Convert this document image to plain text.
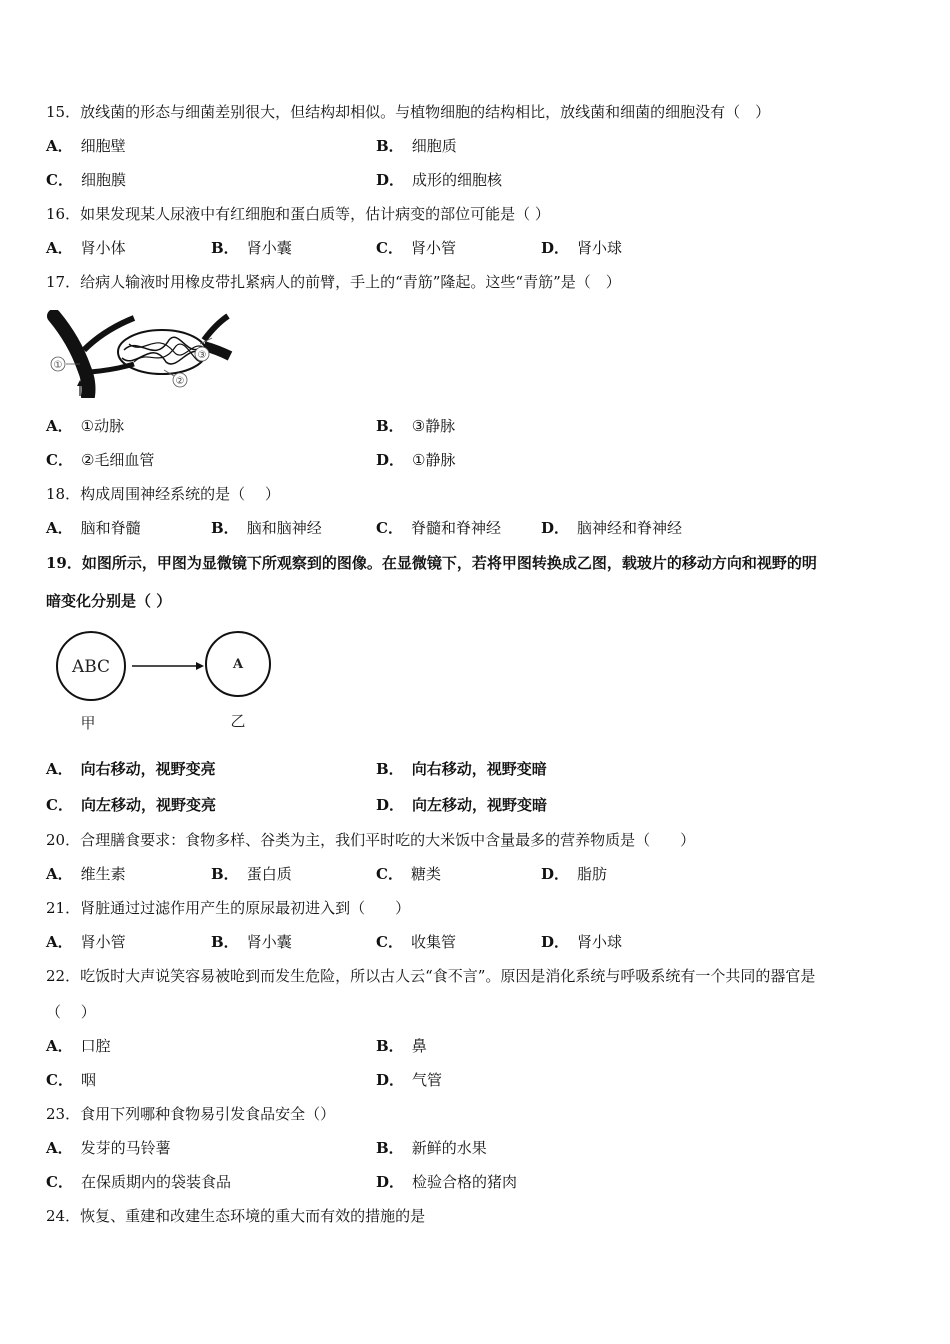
15．放线菌的形态与细菌差别很大，但结构却相似。与植物细胞的结构相比，放线菌和细菌的细胞没有（　）
A． 细胞壁	B． 细胞质
C． 细胞膜	D． 成形的细胞核
16．如果发现某人尿液中有红细胞和蛋白质等，估计病变的部位可能是（ ）
A． 肾小体	B． 肾小囊	C． 肾小管	D． 肾小球
17．给病人输液时用橡皮带扎紧病人的前臂，手上的“青筋”隆起。这些“青筋”是（　）
①
②
③
A． ①动脉	B． ③静脉
C． ②毛细血管	D． ①静脉
18．构成周围神经系统的是（　 ）
A． 脑和脊髓	B． 脑和脑神经	C． 脊髓和脊神经	D． 脑神经和脊神经
19．如图所示，甲图为显微镜下所观察到的图像。在显微镜下，若将甲图转换成乙图，载玻片的移动方向和视野的明
暗变化分别是（ ）
ABC	A
甲	乙
A． 向右移动，视野变亮	B． 向右移动，视野变暗
C． 向左移动，视野变亮	D． 向左移动，视野变暗
20．合理膳食要求：食物多样、谷类为主，我们平时吃的大米饭中含量最多的营养物质是（　　）
A． 维生素	B． 蛋白质	C． 糖类	D． 脂肪
21．肾脏通过过滤作用产生的原尿最初进入到（　　）
A． 肾小管	B． 肾小囊	C． 收集管	D． 肾小球
22．吃饭时大声说笑容易被呛到而发生危险，所以古人云“食不言”。原因是消化系统与呼吸系统有一个共同的器官是
（　 ）
A． 口腔	B． 鼻
C． 咽	D． 气管
23．食用下列哪种食物易引发食品安全（）
A． 发芽的马铃薯	B． 新鲜的水果
C． 在保质期内的袋装食品	D． 检验合格的猪肉
24．恢复、重建和改建生态环境的重大而有效的措施的是
